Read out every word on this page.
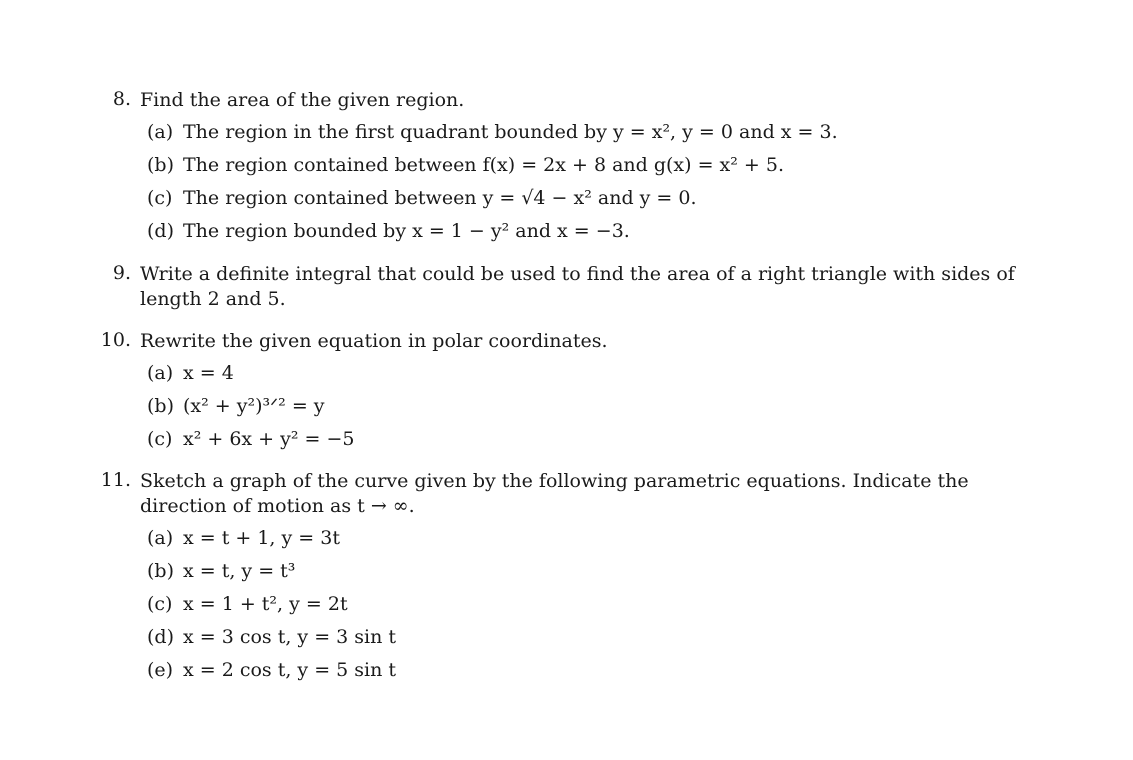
8. Find the area of the given region.
(a) The region in the first quadrant bounded by y = x², y = 0 and x = 3.
(b) The region contained between f(x) = 2x + 8 and g(x) = x² + 5.
(c) The region contained between y = √4 − x² and y = 0.
(d) The region bounded by x = 1 − y² and x = −3.
9. Write a definite integral that could be used to find the area of a right triangle with sides of length 2 and 5.
10. Rewrite the given equation in polar coordinates.
(a) x = 4
(b) (x² + y²)³ᐟ² = y
(c) x² + 6x + y² = −5
11. Sketch a graph of the curve given by the following parametric equations. Indicate the direction of motion as t → ∞.
(a) x = t + 1, y = 3t
(b) x = t, y = t³
(c) x = 1 + t², y = 2t
(d) x = 3 cos t, y = 3 sin t
(e) x = 2 cos t, y = 5 sin t
